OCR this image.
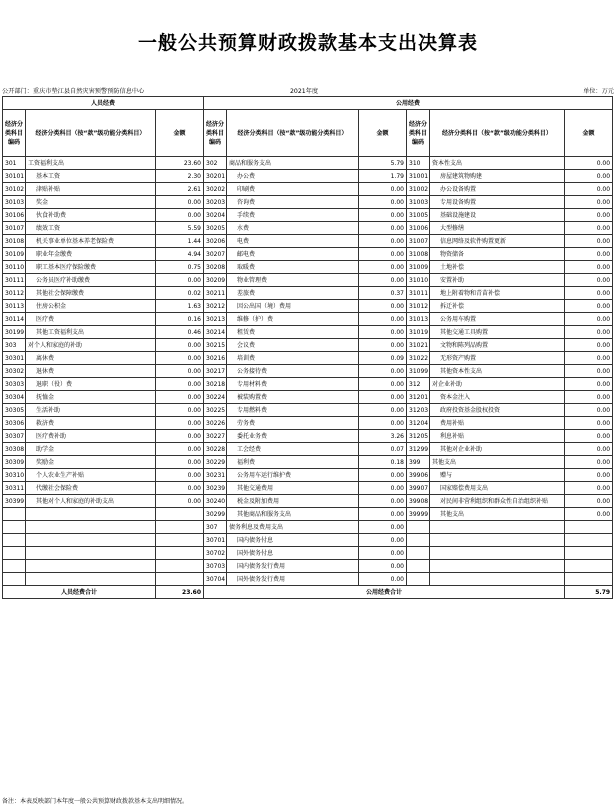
一般公共预算财政拨款基本支出决算表
公开部门：重庆市垫江县自然灾害预警预防信息中心	2021年度	单位：万元
人员经费			公用经费					
经济分类科目编码	经济分类科目（按“款”级功能分类科目）	金额	经济分类科目编码	经济分类科目（按“款”级功能分类科目）	金额	经济分类科目编码	经济分类科目（按“款”级功能分类科目）	金额
301	工资福利支出	23.60	302	商品和服务支出	5.79	310	资本性支出	0.00
30101	基本工资	2.30	30201	办公费	1.79	31001	房屋建筑物购建	0.00
30102	津贴补贴	2.61	30202	印刷费	0.00	31002	办公设备购置	0.00
30103	奖金	0.00	30203	咨询费	0.00	31003	专用设备购置	0.00
30106	伙食补助费	0.00	30204	手续费	0.00	31005	基础设施建设	0.00
30107	绩效工资	5.59	30205	水费	0.00	31006	大型修缮	0.00
30108	机关事业单位基本养老保险费	1.44	30206	电费	0.00	31007	信息网络及软件购置更新	0.00
30109	职业年金缴费	4.94	30207	邮电费	0.00	31008	物资储备	0.00
30110	职工基本医疗保险缴费	0.75	30208	取暖费	0.00	31009	土地补偿	0.00
30111	公务员医疗补助缴费	0.00	30209	物业管理费	0.00	31010	安置补助	0.00
30112	其他社会保障缴费	0.02	30211	差旅费	0.37	31011	地上附着物和青苗补偿	0.00
30113	住房公积金	1.63	30212	因公出国（境）费用	0.00	31012	拆迁补偿	0.00
30114	医疗费	0.16	30213	维修（护）费	0.00	31013	公务用车购置	0.00
30199	其他工资福利支出	0.46	30214	租赁费	0.00	31019	其他交通工具购置	0.00
303	对个人和家庭的补助	0.00	30215	会议费	0.00	31021	文物和陈列品购置	0.00
30301	离休费	0.00	30216	培训费	0.09	31022	无形资产购置	0.00
30302	退休费	0.00	30217	公务接待费	0.00	31099	其他资本性支出	0.00
30303	退职（役）费	0.00	30218	专用材料费	0.00	312	对企业补助	0.00
30304	抚恤金	0.00	30224	被装购置费	0.00	31201	资本金注入	0.00
30305	生活补助	0.00	30225	专用燃料费	0.00	31203	政府投资基金股权投资	0.00
30306	救济费	0.00	30226	劳务费	0.00	31204	费用补贴	0.00
30307	医疗费补助	0.00	30227	委托业务费	3.26	31205	利息补贴	0.00
30308	助学金	0.00	30228	工会经费	0.07	31299	其他对企业补助	0.00
30309	奖励金	0.00	30229	福利费	0.18	399	其他支出	0.00
30310	个人农业生产补贴	0.00	30231	公务用车运行维护费	0.00	39906	赠与	0.00
30311	代缴社会保险费	0.00	30239	其他交通费用	0.00	39907	国家赔偿费用支出	0.00
30399	其他对个人和家庭的补助支出	0.00	30240	税金及附加费用	0.00	39908	对民间非营利组织和群众性自治组织补贴	0.00
			30299	其他商品和服务支出	0.00	39999	其他支出	0.00
			307	债务利息及费用支出	0.00			
			30701	国内债务付息	0.00			
			30702	国外债务付息	0.00			
			30703	国内债务发行费用	0.00			
			30704	国外债务发行费用	0.00			
人员经费合计		23.60	公用经费合计					5.79
备注：本表反映部门本年度一般公共预算财政拨款基本支出明细情况。
